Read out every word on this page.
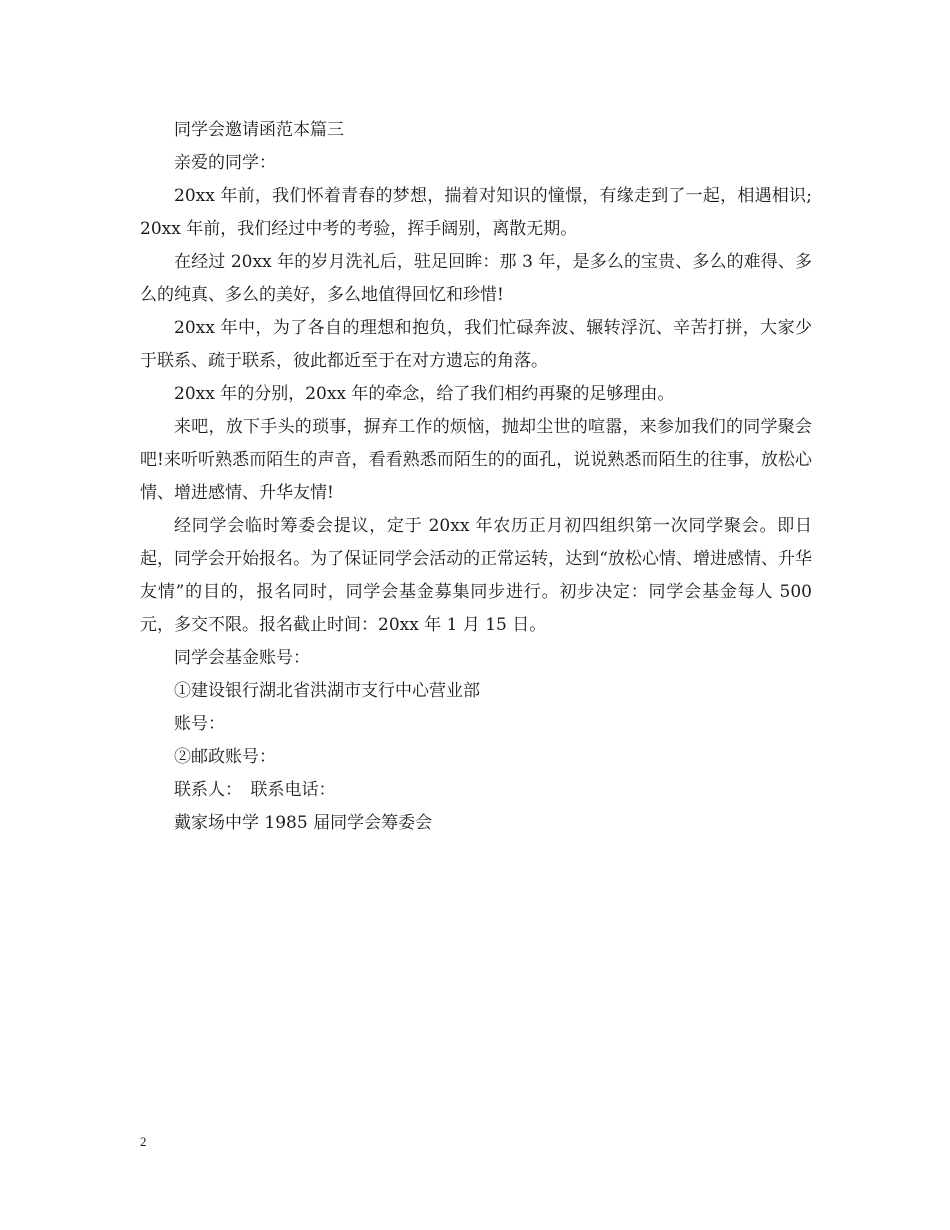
同学会邀请函范本篇三

亲爱的同学：

20xx 年前，我们怀着青春的梦想，揣着对知识的憧憬，有缘走到了一起，相遇相识;20xx 年前，我们经过中考的考验，挥手阔别，离散无期。

在经过 20xx 年的岁月洗礼后，驻足回眸：那 3 年，是多么的宝贵、多么的难得、多么的纯真、多么的美好，多么地值得回忆和珍惜!

20xx 年中，为了各自的理想和抱负，我们忙碌奔波、辗转浮沉、辛苦打拼，大家少于联系、疏于联系，彼此都近至于在对方遗忘的角落。

20xx 年的分别，20xx 年的牵念，给了我们相约再聚的足够理由。

来吧，放下手头的琐事，摒弃工作的烦恼，抛却尘世的喧嚣，来参加我们的同学聚会吧!来听听熟悉而陌生的声音，看看熟悉而陌生的的面孔，说说熟悉而陌生的往事，放松心情、增进感情、升华友情!

经同学会临时筹委会提议，定于 20xx 年农历正月初四组织第一次同学聚会。即日起，同学会开始报名。为了保证同学会活动的正常运转，达到“放松心情、增进感情、升华友情”的目的，报名同时，同学会基金募集同步进行。初步决定：同学会基金每人 500 元，多交不限。报名截止时间：20xx 年 1 月 15 日。

同学会基金账号：

①建设银行湖北省洪湖市支行中心营业部

账号：

②邮政账号：

联系人：　联系电话：

戴家场中学 1985 届同学会筹委会

2
